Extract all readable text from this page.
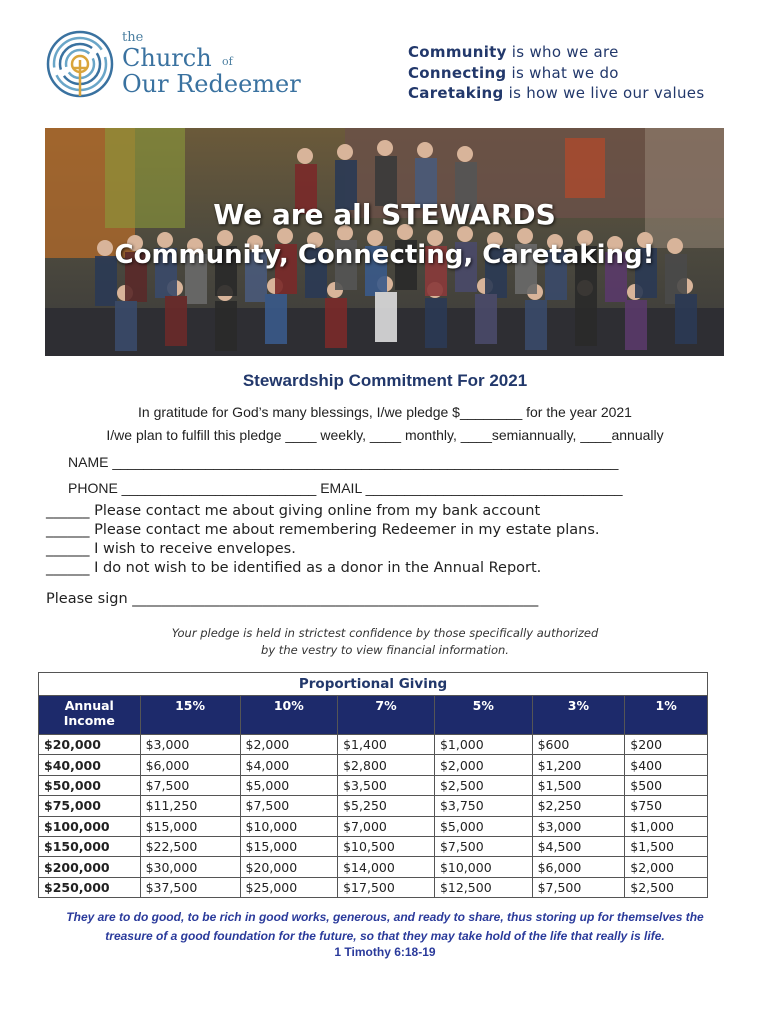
the
Church of
Our Redeemer
Community is who we are
Connecting is what we do
Caretaking is how we live our values
We are all STEWARDS
Community, Connecting, Caretaking!
Stewardship Commitment For 2021
In gratitude for God’s many blessings, I/we pledge $________ for the year 2021
I/we plan to fulfill this pledge ____ weekly, ____ monthly, ____semiannually, ____annually
NAME _________________________________________________________________
PHONE _________________________ EMAIL _________________________________
______ Please contact me about giving online from my bank account
______ Please contact me about remembering Redeemer in my estate plans.
______ I wish to receive envelopes.
______ I do not wish to be identified as a donor in the Annual Report.
Please sign ________________________________________________________
Your pledge is held in strictest confidence by those specifically authorized
by the vestry to view financial information.
Proportional Giving						
Annual Income	15%	10%	7%	5%	3%	1%
$20,000	$3,000	$2,000	$1,400	$1,000	$600	$200
$40,000	$6,000	$4,000	$2,800	$2,000	$1,200	$400
$50,000	$7,500	$5,000	$3,500	$2,500	$1,500	$500
$75,000	$11,250	$7,500	$5,250	$3,750	$2,250	$750
$100,000	$15,000	$10,000	$7,000	$5,000	$3,000	$1,000
$150,000	$22,500	$15,000	$10,500	$7,500	$4,500	$1,500
$200,000	$30,000	$20,000	$14,000	$10,000	$6,000	$2,000
$250,000	$37,500	$25,000	$17,500	$12,500	$7,500	$2,500
They are to do good, to be rich in good works, generous, and ready to share, thus storing up for themselves the
treasure of a good foundation for the future, so that they may take hold of the life that really is life.
1 Timothy 6:18-19
